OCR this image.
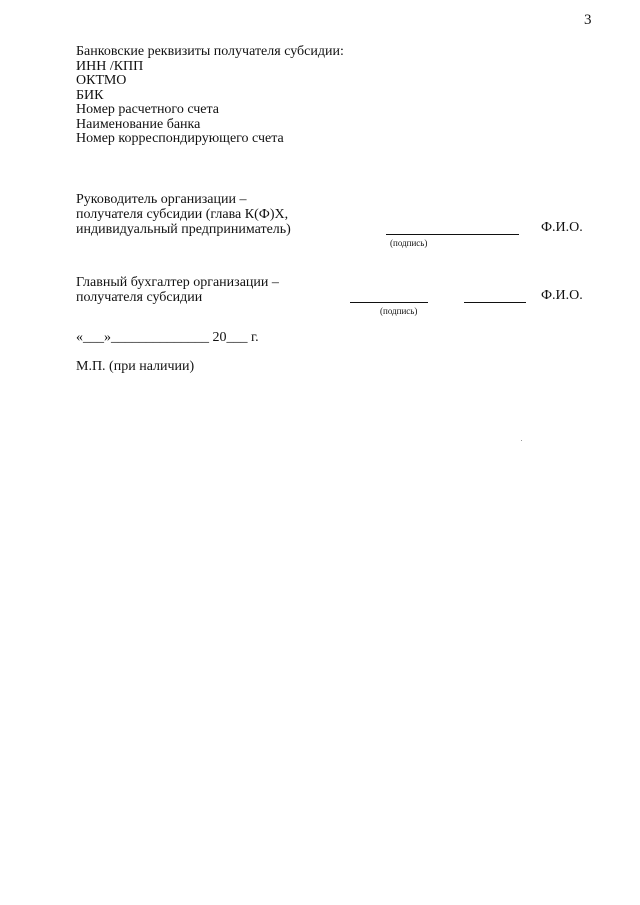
3
Банковские реквизиты получателя субсидии:
ИНН /КПП
ОКТМО
БИК
Номер расчетного счета
Наименование банка
Номер корреспондирующего счета
Руководитель организации –
получателя субсидии (глава К(Ф)Х,
индивидуальный предприниматель)
(подпись)
Ф.И.О.
Главный бухгалтер организации –
получателя субсидии
(подпись)
Ф.И.О.
«___»______________ 20___ г.
М.П. (при наличии)
